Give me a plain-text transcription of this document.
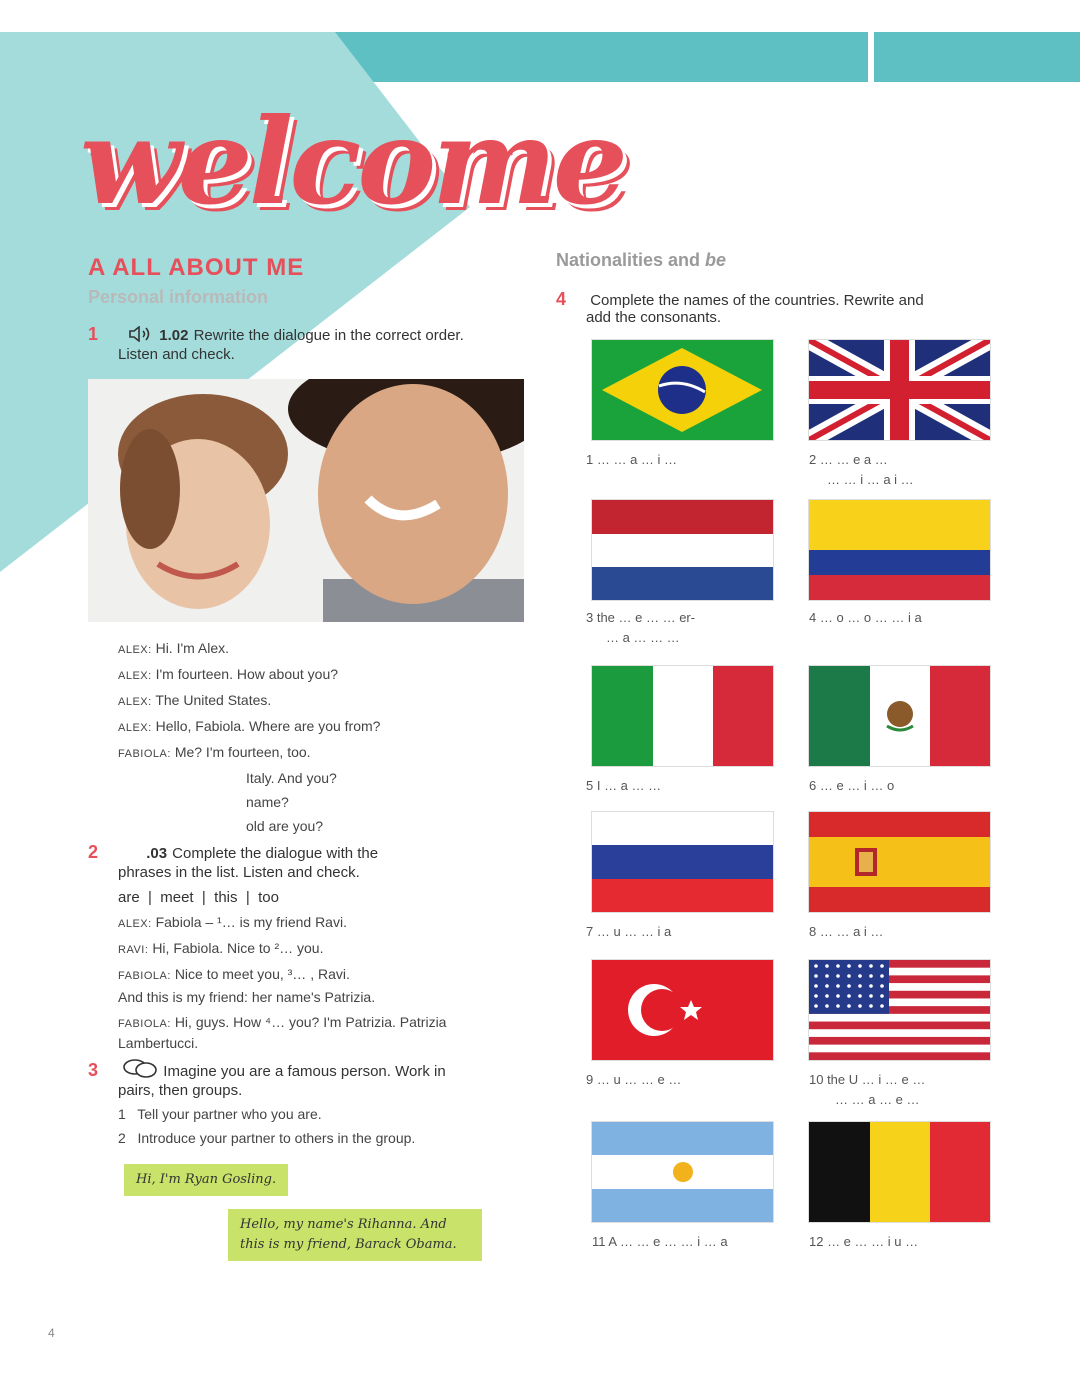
welcome
A ALL ABOUT ME
Personal information
1	1.02 Rewrite the dialogue in the correct order.
Listen and check.
ALEX: Hi. I'm Alex.
ALEX: I'm fourteen. How about you?
ALEX: The United States.
ALEX: Hello, Fabiola. Where are you from?
FABIOLA: Me? I'm fourteen, too.
Italy. And you?
name?
old are you?
2	.03 Complete the dialogue with the
phrases in the list. Listen and check.
are  |  meet  |  this  |  too
ALEX: Fabiola – ¹… is my friend Ravi.
RAVI: Hi, Fabiola. Nice to ²… you.
FABIOLA: Nice to meet you, ³… , Ravi.
And this is my friend: her name's Patrizia.
FABIOLA: Hi, guys. How ⁴… you? I'm Patrizia. Patrizia
Lambertucci.
3	Imagine you are a famous person. Work in
pairs, then groups.
1 Tell your partner who you are.
2 Introduce your partner to others in the group.
Hi, I'm Ryan Gosling.
Hello, my name's Rihanna. And
this is my friend, Barack Obama.
Nationalities and be
4 Complete the names of the countries. Rewrite and
add the consonants.
1 … … a … i …	2 … … e a …
… … i … a i …
3 the … e … … er-
… a … … …
4 … o … o … … i a
5 I … a … …	6 … e … i … o
7 … u … … i a	8 … … a i …
9 … u … … e …	10 the U … i … e …
… … a … e …
11 A … … e … … i … a	12 … e … … i u …
4
